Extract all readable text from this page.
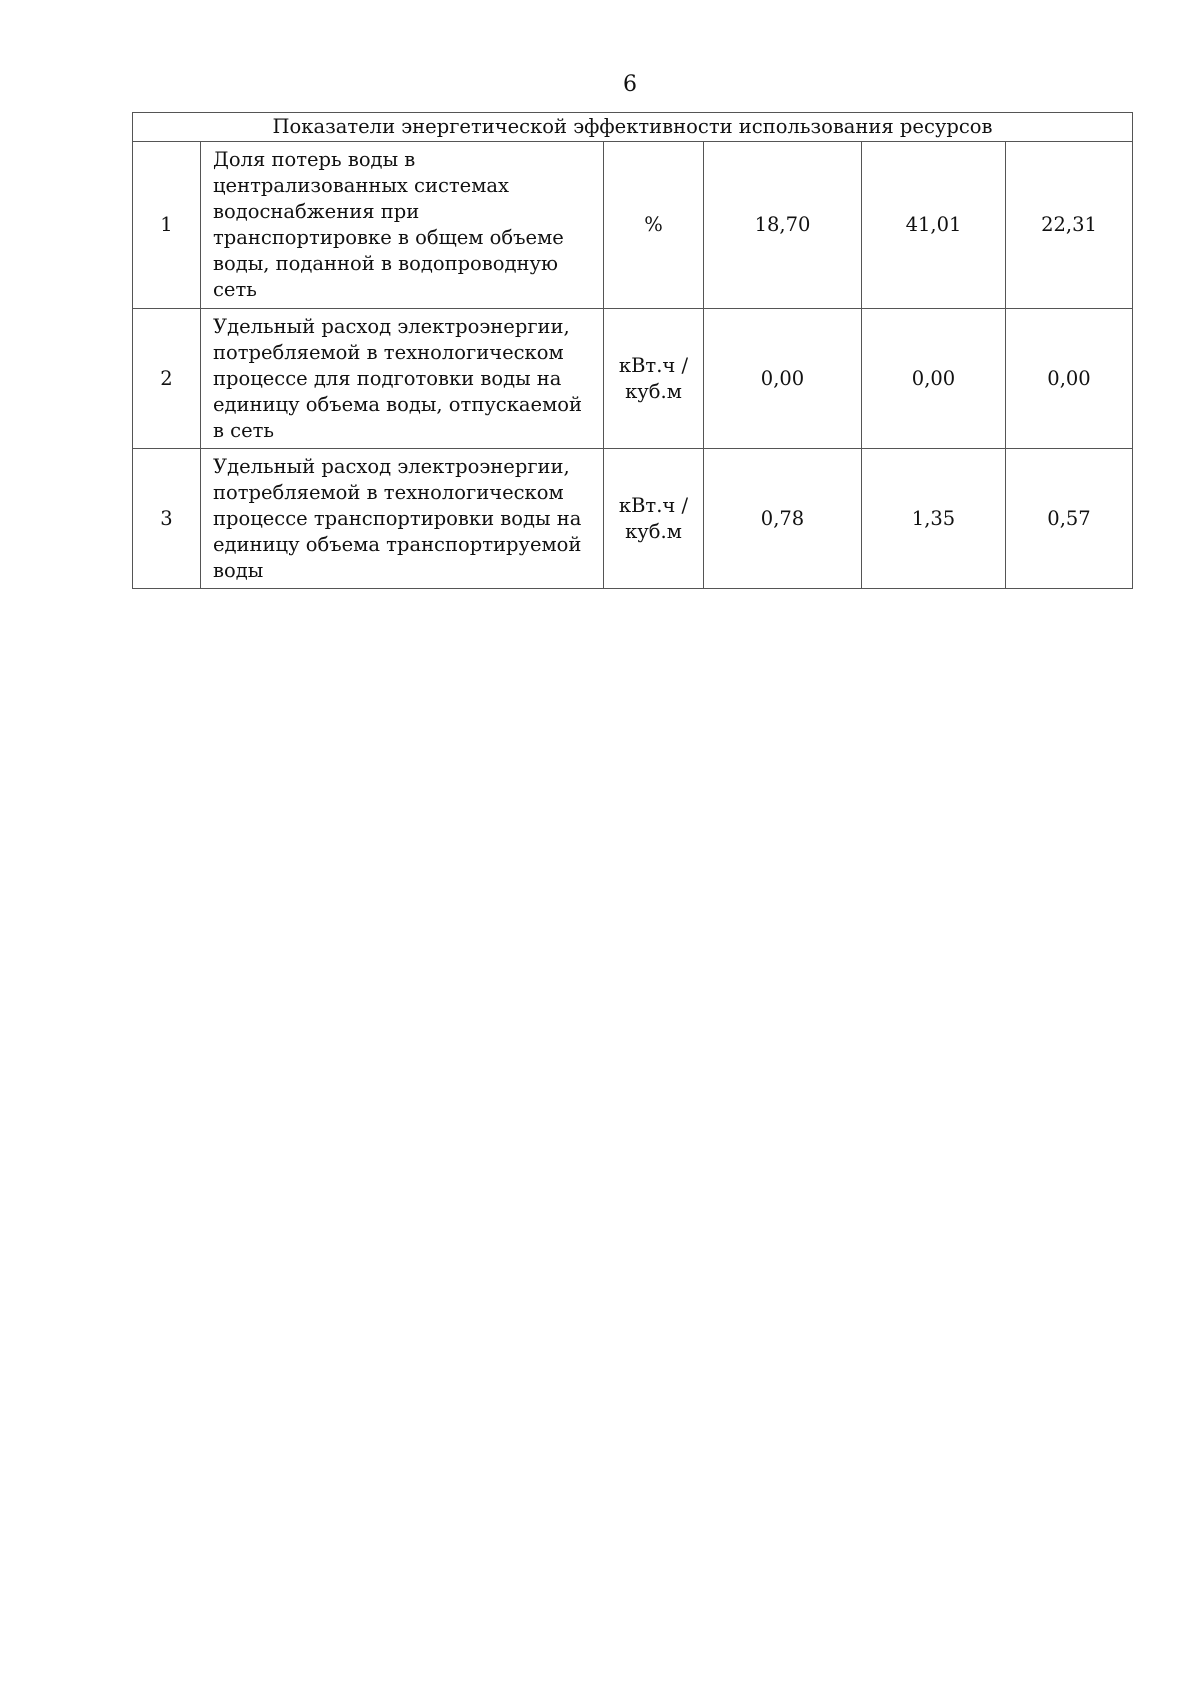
6
Показатели энергетической эффективности использования ресурсов					
1	Доля потерь воды в централизованных системах водоснабжения при транспортировке в общем объеме воды, поданной в водопроводную сеть	%	18,70	41,01	22,31
2	Удельный расход электроэнергии, потребляемой в технологическом процессе для подготовки воды на единицу объема воды, отпускаемой в сеть	кВт.ч / куб.м	0,00	0,00	0,00
3	Удельный расход электроэнергии, потребляемой в технологическом процессе транспортировки воды на единицу объема транспортируемой воды	кВт.ч / куб.м	0,78	1,35	0,57
